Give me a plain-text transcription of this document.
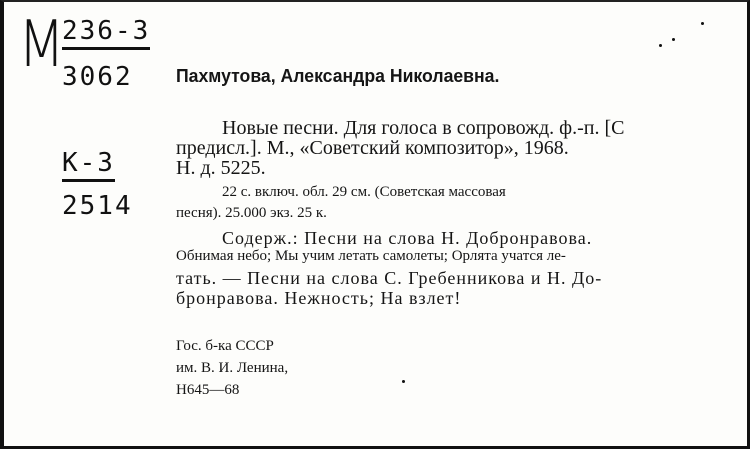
М
236-3
3062
К-3
2514
Пахмутова, Александра Николаевна.
Новые песни. Для голоса в сопровожд. ф.-п. [С
предисл.]. М., «Советский композитор», 1968.
Н. д. 5225.
22 с. включ. обл. 29 см. (Советская массовая
песня). 25.000 экз. 25 к.
Содерж.: Песни на слова Н. Добронравова.
Обнимая небо; Мы учим летать самолеты; Орлята учатся ле-
тать. — Песни на слова С. Гребенникова и Н. До-
бронравова. Нежность; На взлет!
Гос. б-ка СССР
им. В. И. Ленина,
Н645—68
